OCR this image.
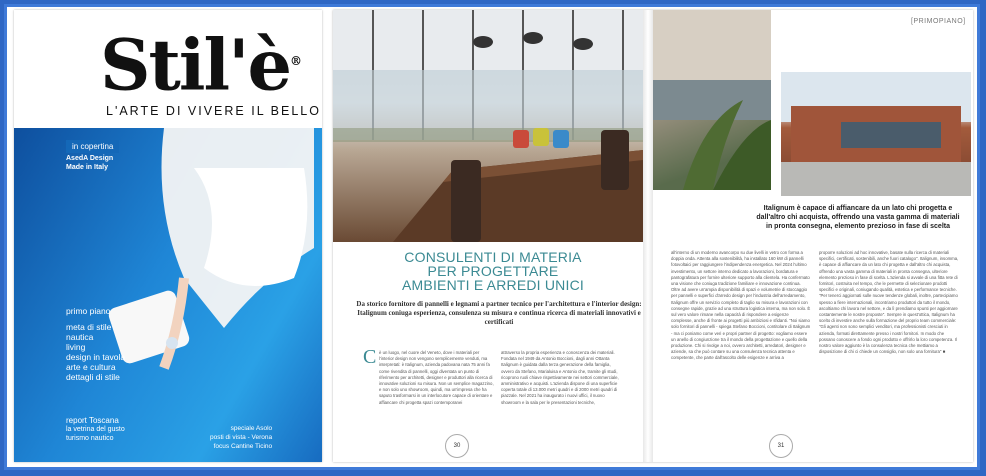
Stil'è®
L'ARTE DI VIVERE IL BELLO
in copertina
AsedA Design
Made in Italy
primo piano
meta di stile
nautica
living
design in tavola
arte e cultura
dettagli di stile
report Toscana
la vetrina del gusto
turismo nautico
speciale Asolo
posti di vista - Verona
focus Cantine Ticino
[PRIMOPIANO]
Italignum è capace di affiancare da un lato chi progetta e dall'altro chi acquista, offrendo una vasta gamma di materiali in pronta consegna, elemento prezioso in fase di scelta
CONSULENTI DI MATERIA
PER PROGETTARE
AMBIENTI E ARREDI UNICI
Da storico fornitore di pannelli e legnami a partner tecnico per l'architettura e l'interior design: Italignum coniuga esperienza, consulenza su misura e continua ricerca di materiali innovativi e certificati
C è un luogo, nel cuore del Veneto, dove i materiali per l'interior design non vengono semplicemente venduti, ma interpretati: è Italignum, azienda padovana nata 75 anni fa come rivendita di pannelli, oggi diventata un punto di riferimento per architetti, designer e produttori alla ricerca di innovative soluzioni su misura. Non un semplice magazzino, e non solo uno showroom, quindi, ma un'impresa che ha saputo trasformarsi in un interlocutore capace di orientare e affiancare chi progetta spazi contemporanei
attraverso la propria esperienza e conoscenza dei materiali. Fondata nel 1949 da Antonio Boccioni, dagli anni Ottanta Italignum è guidata dalla terza generazione della famiglia, ovvero da Stefano, Marialuisa e Antonio che, tramite gli studi, ricoprono ruoli chiave rispettivamente nei settori commerciale, amministrativo e acquisti. L'azienda dispone di una superficie coperta totale di 13.000 metri quadri e di 2000 metri quadri di piazzale. Nel 2021 ha inaugurato i nuovi uffici, il nuovo showroom e la sala per le presentazioni tecniche,
all'interno di un moderno avancorpo su due livelli in vetro con forma a doppia onda. Attenta alla sostenibilità, ha installato 160 kW di pannelli fotovoltaici per raggiungere l'indipendenza energetica. Nel 2024 l'ultimo investimento, un settore interno dedicato a lavorazioni, bordatura e pantografatura per fornire ulteriore supporto alla clientela. Ha confermato una visione che coniuga tradizione familiare e innovazione continua. Oltre ad avere un'ampia disponibilità di spazi e volumetrie di stoccaggio per pannelli e superfici d'arredo design per l'industria dell'arredamento, Italignum offre un servizio completo di taglio su misura e lavorazioni con consegne rapide, grazie ad una struttura logistica interna, ma non solo. È sul vero valore rimane nella capacità di rispondere a esigenze complesse, anche di fronte ai progetti più ambiziosi e sfidanti. "Noi siamo solo fornitori di pannelli - spiega Stefano Boccioni, contitolare di Italignum - ma ci poniamo come veri e propri partner di progetto: vogliamo essere un anello di congiunzione tra il mondo della progettazione e quello della produzione. Chi si rivolge a noi, ovvero architetti, arredatori, designer e aziende, sa che può contare su una consulenza tecnica attenta e competente, che parte dall'ascolto delle esigenze e arriva a
proporre soluzioni ad hoc innovative, basate sulla ricerca di materiali specifici, certificati, sostenibili, anche fuori catalogo". Italignum, insomma, è capace di affiancare da un lato chi progetta e dall'altro chi acquista, offrendo una vasta gamma di materiali in pronta consegna, ulteriore elemento prezioso in fase di scelta. L'azienda si avvale di una fitta rete di fornitori, costruita nel tempo, che le permette di selezionare prodotti specifici e originali, coniugando qualità, estetica e performance tecniche. "Per tenerci aggiornati sulle nuove tendenze globali, inoltre, partecipiamo spesso a fiere internazionali, incontriamo produttori da tutto il mondo, ascoltiamo chi lavora nel settore, e da lì prendiamo spunti per aggiornare costantemente le nostre proposte". Sempre in quest'ottica, Italignum ha scelto di investire anche sulla formazione del proprio team commerciale: "Gli agenti non sono semplici venditori, ma professionisti cresciuti in azienda, formati direttamente presso i nostri fornitori. In modo che possano conoscere a fondo ogni prodotto e offrirlo la loro competenza. Il nostro valore aggiunto è la consulenza tecnica che mettiamo a disposizione di chi ci chiede un consiglio, non solo una fornitura" ■
30	31
